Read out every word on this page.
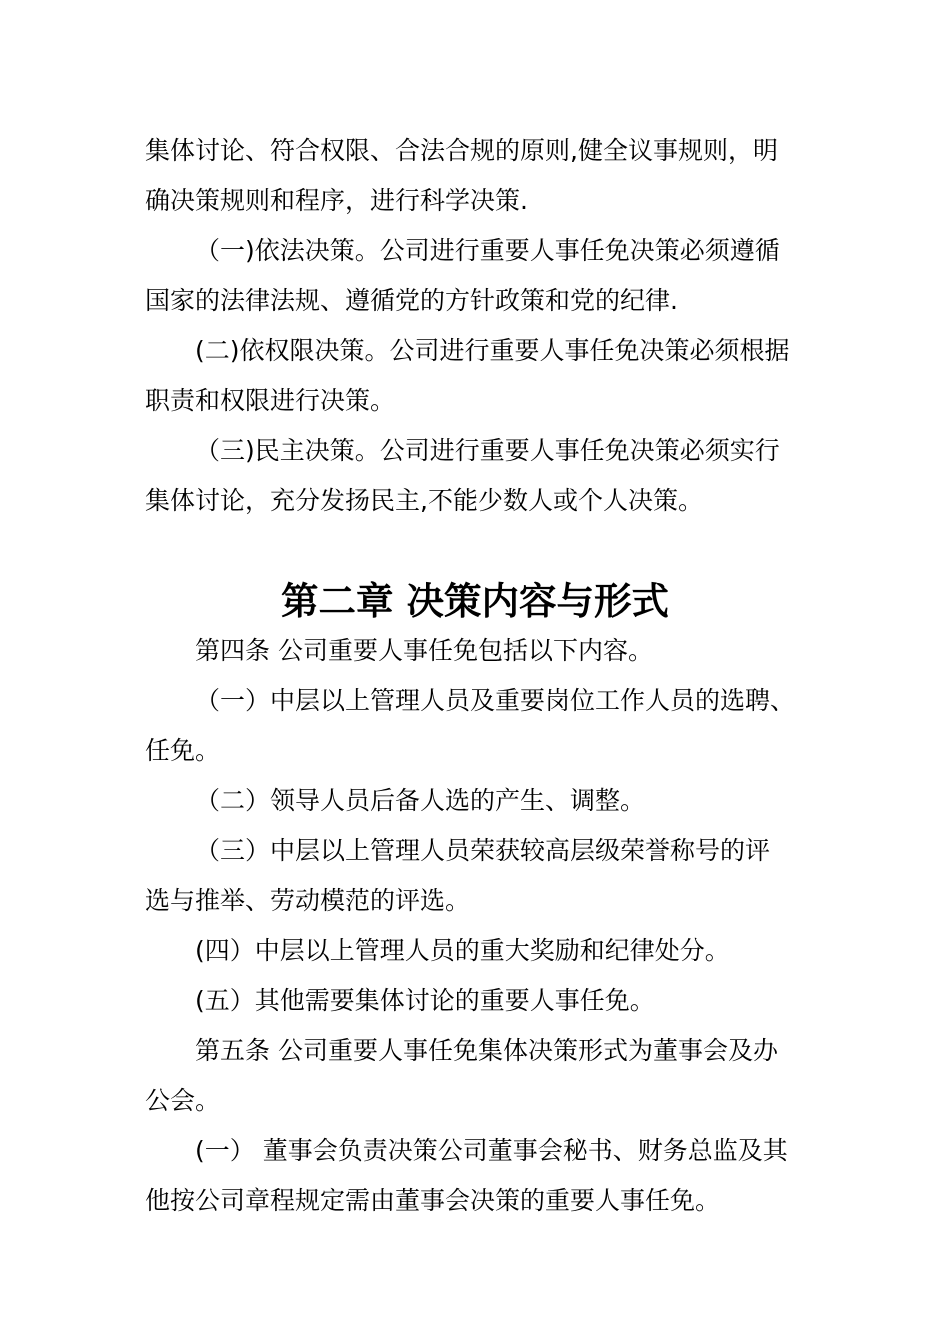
集体讨论、符合权限、合法合规的原则,健全议事规则，明

确决策规则和程序，进行科学决策.

（一)依法决策。公司进行重要人事任免决策必须遵循

国家的法律法规、遵循党的方针政策和党的纪律.

(二)依权限决策。公司进行重要人事任免决策必须根据

职责和权限进行决策。

（三)民主决策。公司进行重要人事任免决策必须实行

集体讨论，充分发扬民主,不能少数人或个人决策。

第二章 决策内容与形式

第四条 公司重要人事任免包括以下内容。

（一）中层以上管理人员及重要岗位工作人员的选聘、

任免。

（二）领导人员后备人选的产生、调整。

（三）中层以上管理人员荣获较高层级荣誉称号的评

选与推举、劳动模范的评选。

(四）中层以上管理人员的重大奖励和纪律处分。

(五）其他需要集体讨论的重要人事任免。

第五条 公司重要人事任免集体决策形式为董事会及办

公会。

(一） 董事会负责决策公司董事会秘书、财务总监及其

他按公司章程规定需由董事会决策的重要人事任免。
